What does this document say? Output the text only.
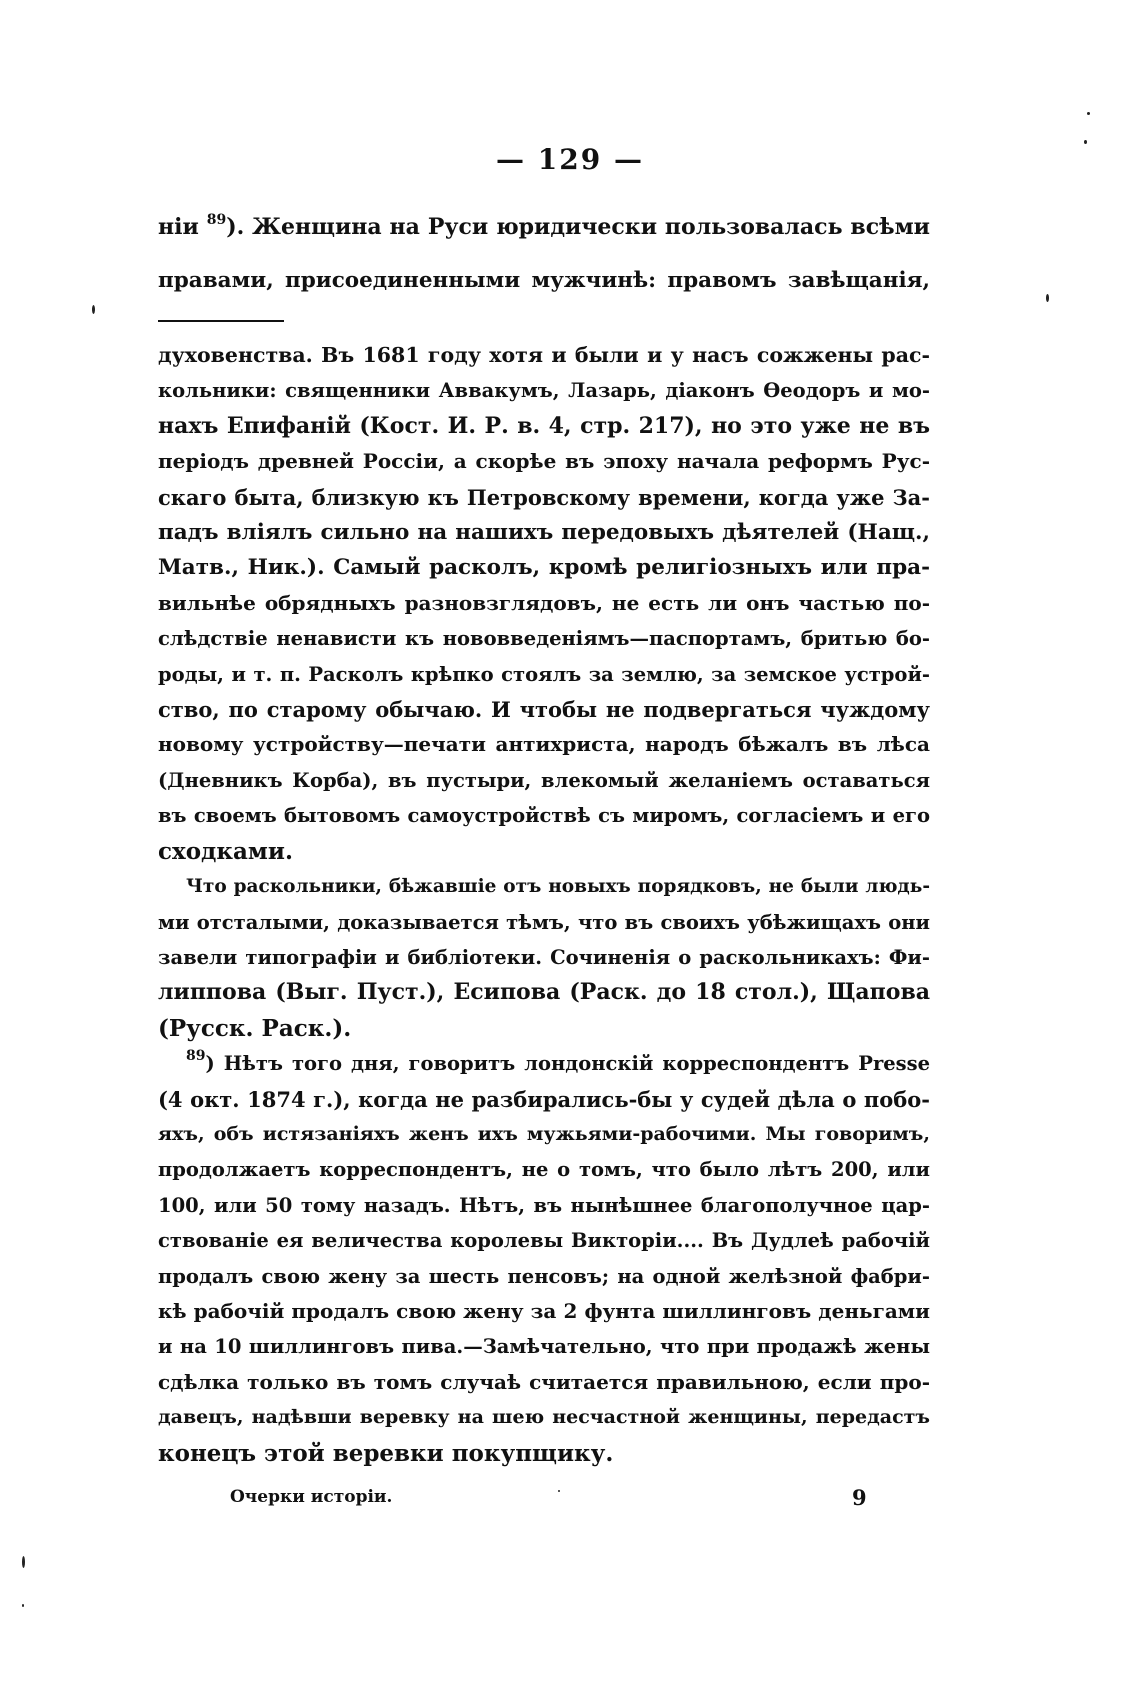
— 129 —
ніи $^{89}$). Женщина на Руси юридически пользовалась всѣми
правами, присоединенными мужчинѣ: правомъ завѣщанія,
духовенства. Въ 1681 году хотя и были и у насъ сожжены рас-
кольники: священники Аввакумъ, Лазарь, діаконъ Ѳеодоръ и мо-
нахъ Епифаній (Кост. И. Р. в. 4, стр. 217), но это уже не въ
періодъ древней Россіи, а скорѣе въ эпоху начала реформъ Рус-
скаго быта, близкую къ Петровскому времени, когда уже За-
падъ вліялъ сильно на нашихъ передовыхъ дѣятелей (Нащ.,
Матв., Ник.). Самый расколъ, кромѣ религіозныхъ или пра-
вильнѣе обрядныхъ разновзглядовъ, не есть ли онъ частью по-
слѣдствіе ненависти къ нововведеніямъ—паспортамъ, бритью бо-
роды, и т. п. Расколъ крѣпко стоялъ за землю, за земское устрой-
ство, по старому обычаю. И чтобы не подвергаться чуждому
новому устройству—печати антихриста, народъ бѣжалъ въ лѣса
(Дневникъ Корба), въ пустыри, влекомый желаніемъ оставаться
въ своемъ бытовомъ самоустройствѣ съ миромъ, согласіемъ и его
сходками.
Что раскольники, бѣжавшіе отъ новыхъ порядковъ, не были людь-
ми отсталыми, доказывается тѣмъ, что въ своихъ убѣжищахъ они
завели типографіи и библіотеки. Сочиненія о раскольникахъ: Фи-
липпова (Выг. Пуст.), Есипова (Раск. до 18 стол.), Щапова
(Русск. Раск.).
$^{89}$) Нѣтъ того дня, говоритъ лондонскій корреспондентъ Presse
(4 окт. 1874 г.), когда не разбирались-бы у судей дѣла о побо-
яхъ, объ истязаніяхъ женъ ихъ мужьями-рабочими. Мы говоримъ,
продолжаетъ корреспондентъ, не о томъ, что было лѣтъ 200, или
100, или 50 тому назадъ. Нѣтъ, въ нынѣшнее благополучное цар-
ствованіе ея величества королевы Викторіи.... Въ Дудлеѣ рабочій
продалъ свою жену за шесть пенсовъ; на одной желѣзной фабри-
кѣ рабочій продалъ свою жену за 2 фунта шиллинговъ деньгами
и на 10 шиллинговъ пива.—Замѣчательно, что при продажѣ жены
сдѣлка только въ томъ случаѣ считается правильною, если про-
давецъ, надѣвши веревку на шею несчастной женщины, передастъ
конецъ этой веревки покупщику.
Очерки исторіи.	9
